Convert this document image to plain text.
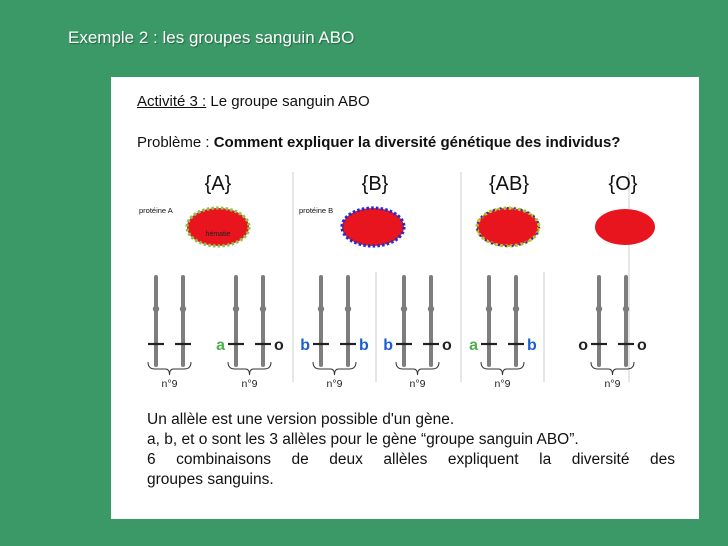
Exemple 2 : les groupes sanguin ABO
Activité 3 : Le groupe sanguin ABO
Problème : Comment expliquer la diversité génétique des individus?
{A}
protéine A
hématie
{B}
protéine B
{AB}	{O}
n°9
a	o
n°9
b	b
n°9
b	o
n°9
a	b
n°9
o	o
n°9
Un allèle est une version possible d'un gène.
a, b, et o sont les 3 allèles pour le gène “groupe sanguin ABO”.
6 combinaisons de deux allèles expliquent la diversité des
groupes sanguins.
